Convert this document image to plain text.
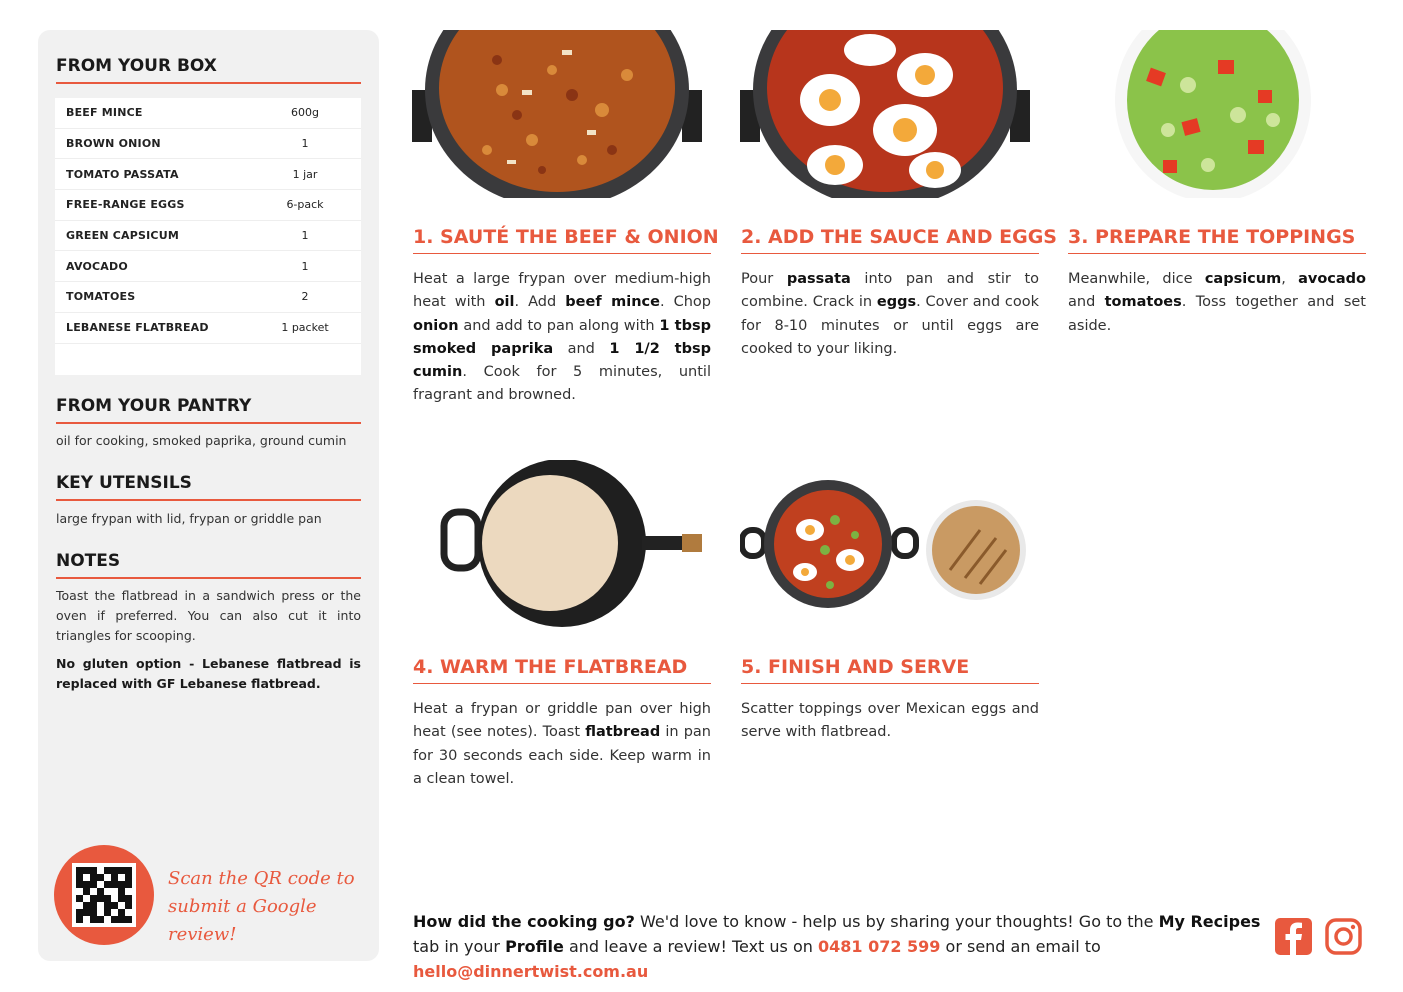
FROM YOUR BOX
BEEF MINCE	600g
BROWN ONION	1
TOMATO PASSATA	1 jar
FREE-RANGE EGGS	6-pack
GREEN CAPSICUM	1
AVOCADO	1
TOMATOES	2
LEBANESE FLATBREAD	1 packet
FROM YOUR PANTRY
oil for cooking, smoked paprika, ground cumin
KEY UTENSILS
large frypan with lid, frypan or griddle pan
NOTES
Toast the flatbread in a sandwich press or the oven if preferred. You can also cut it into triangles for scooping.
No gluten option - Lebanese flatbread is replaced with GF Lebanese flatbread.
Scan the QR code to
submit a Google review!
1. SAUTÉ THE BEEF & ONION
Heat a large frypan over medium-high heat with oil. Add beef mince. Chop onion and add to pan along with 1 tbsp smoked paprika and 1 1/2 tbsp cumin. Cook for 5 minutes, until fragrant and browned.
2. ADD THE SAUCE AND EGGS
Pour passata into pan and stir to combine. Crack in eggs. Cover and cook for 8-10 minutes or until eggs are cooked to your liking.
3. PREPARE THE TOPPINGS
Meanwhile, dice capsicum, avocado and tomatoes. Toss together and set aside.
4. WARM THE FLATBREAD
Heat a frypan or griddle pan over high heat (see notes). Toast flatbread in pan for 30 seconds each side. Keep warm in a clean towel.
5. FINISH AND SERVE
Scatter toppings over Mexican eggs and serve with flatbread.
How did the cooking go? We'd love to know - help us by sharing your thoughts! Go to the My Recipes tab in your Profile and leave a review! Text us on 0481 072 599 or send an email to hello@dinnertwist.com.au
